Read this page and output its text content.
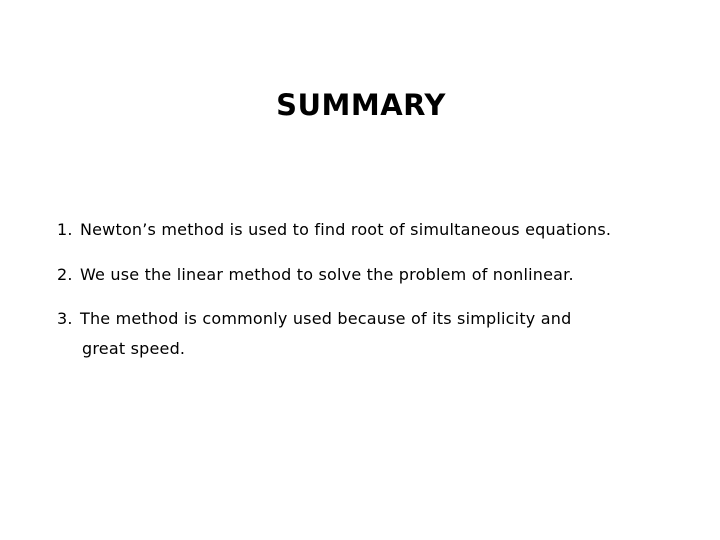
SUMMARY
1. Newton’s method is used to find root of simultaneous equations.
2. We use the linear method to solve the problem of nonlinear.
3. The method is commonly used because of its simplicity and
great speed.
